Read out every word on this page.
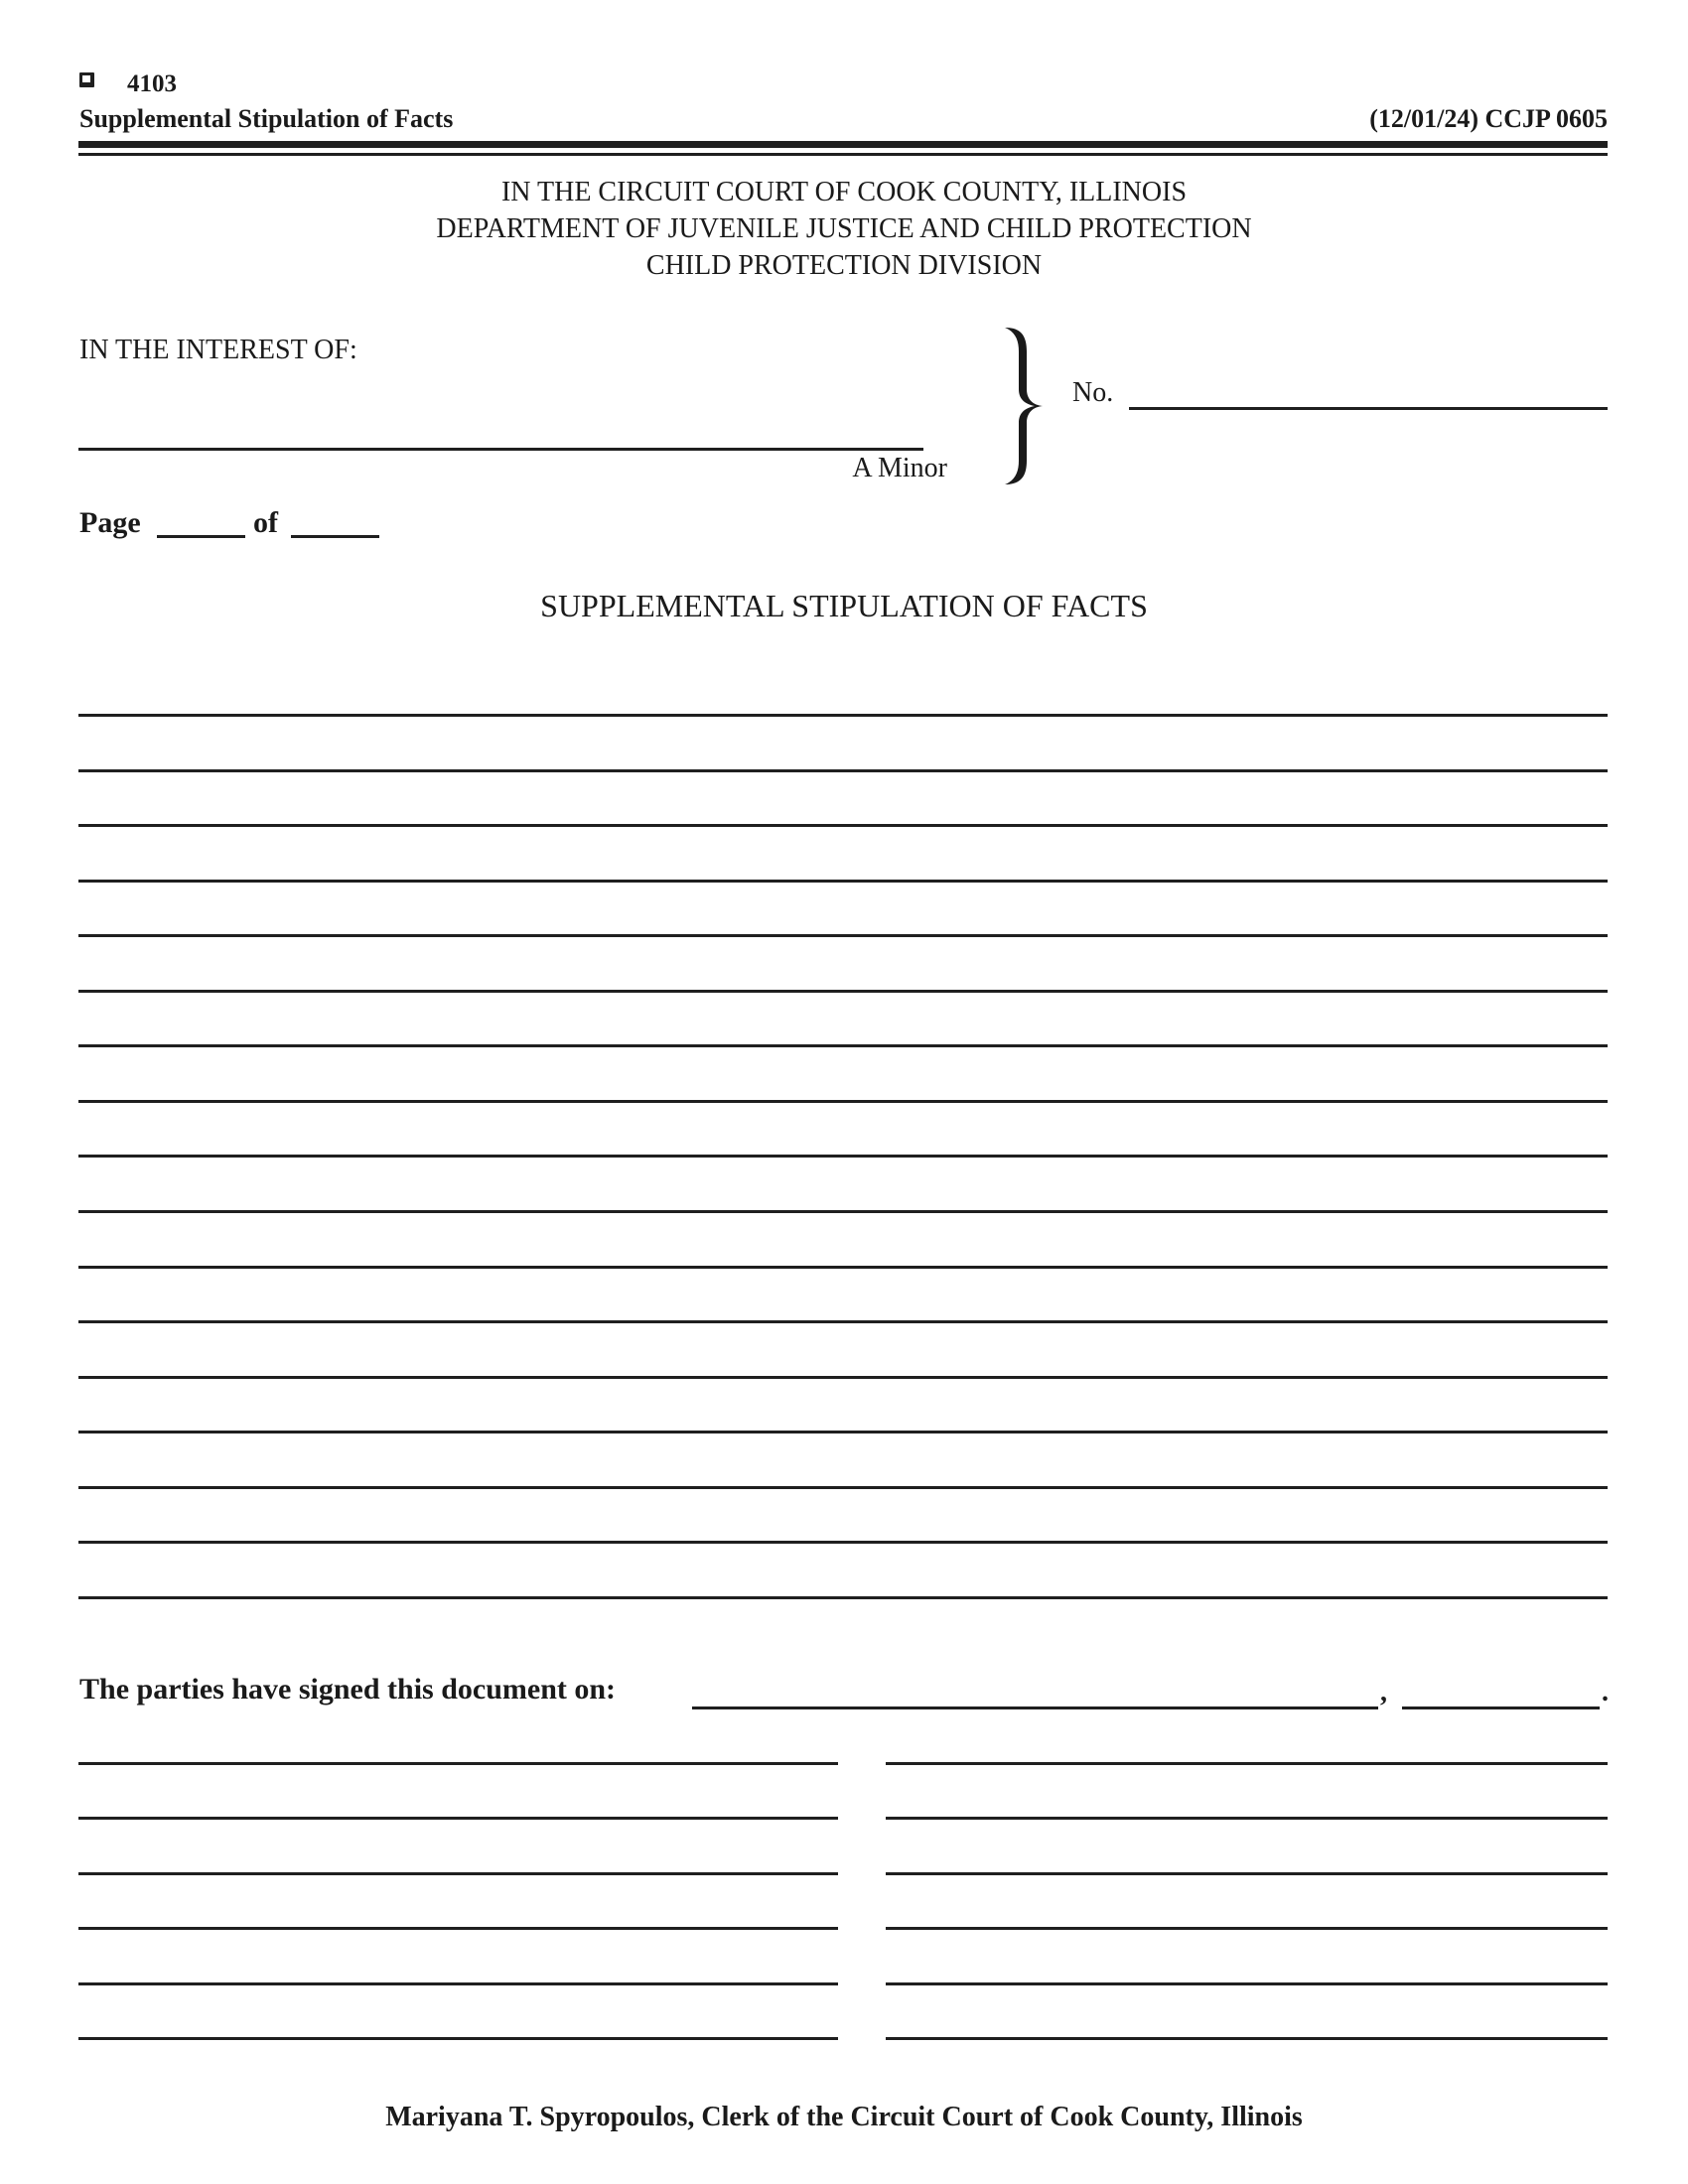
4103
Supplemental Stipulation of Facts	(12/01/24) CCJP 0605
IN THE CIRCUIT COURT OF COOK COUNTY, ILLINOIS
DEPARTMENT OF JUVENILE JUSTICE AND CHILD PROTECTION
CHILD PROTECTION DIVISION
IN THE INTEREST OF:
A Minor
No.
Page	of
SUPPLEMENTAL STIPULATION OF FACTS
The parties have signed this document on:	,	.
Mariyana T. Spyropoulos, Clerk of the Circuit Court of Cook County, Illinois
